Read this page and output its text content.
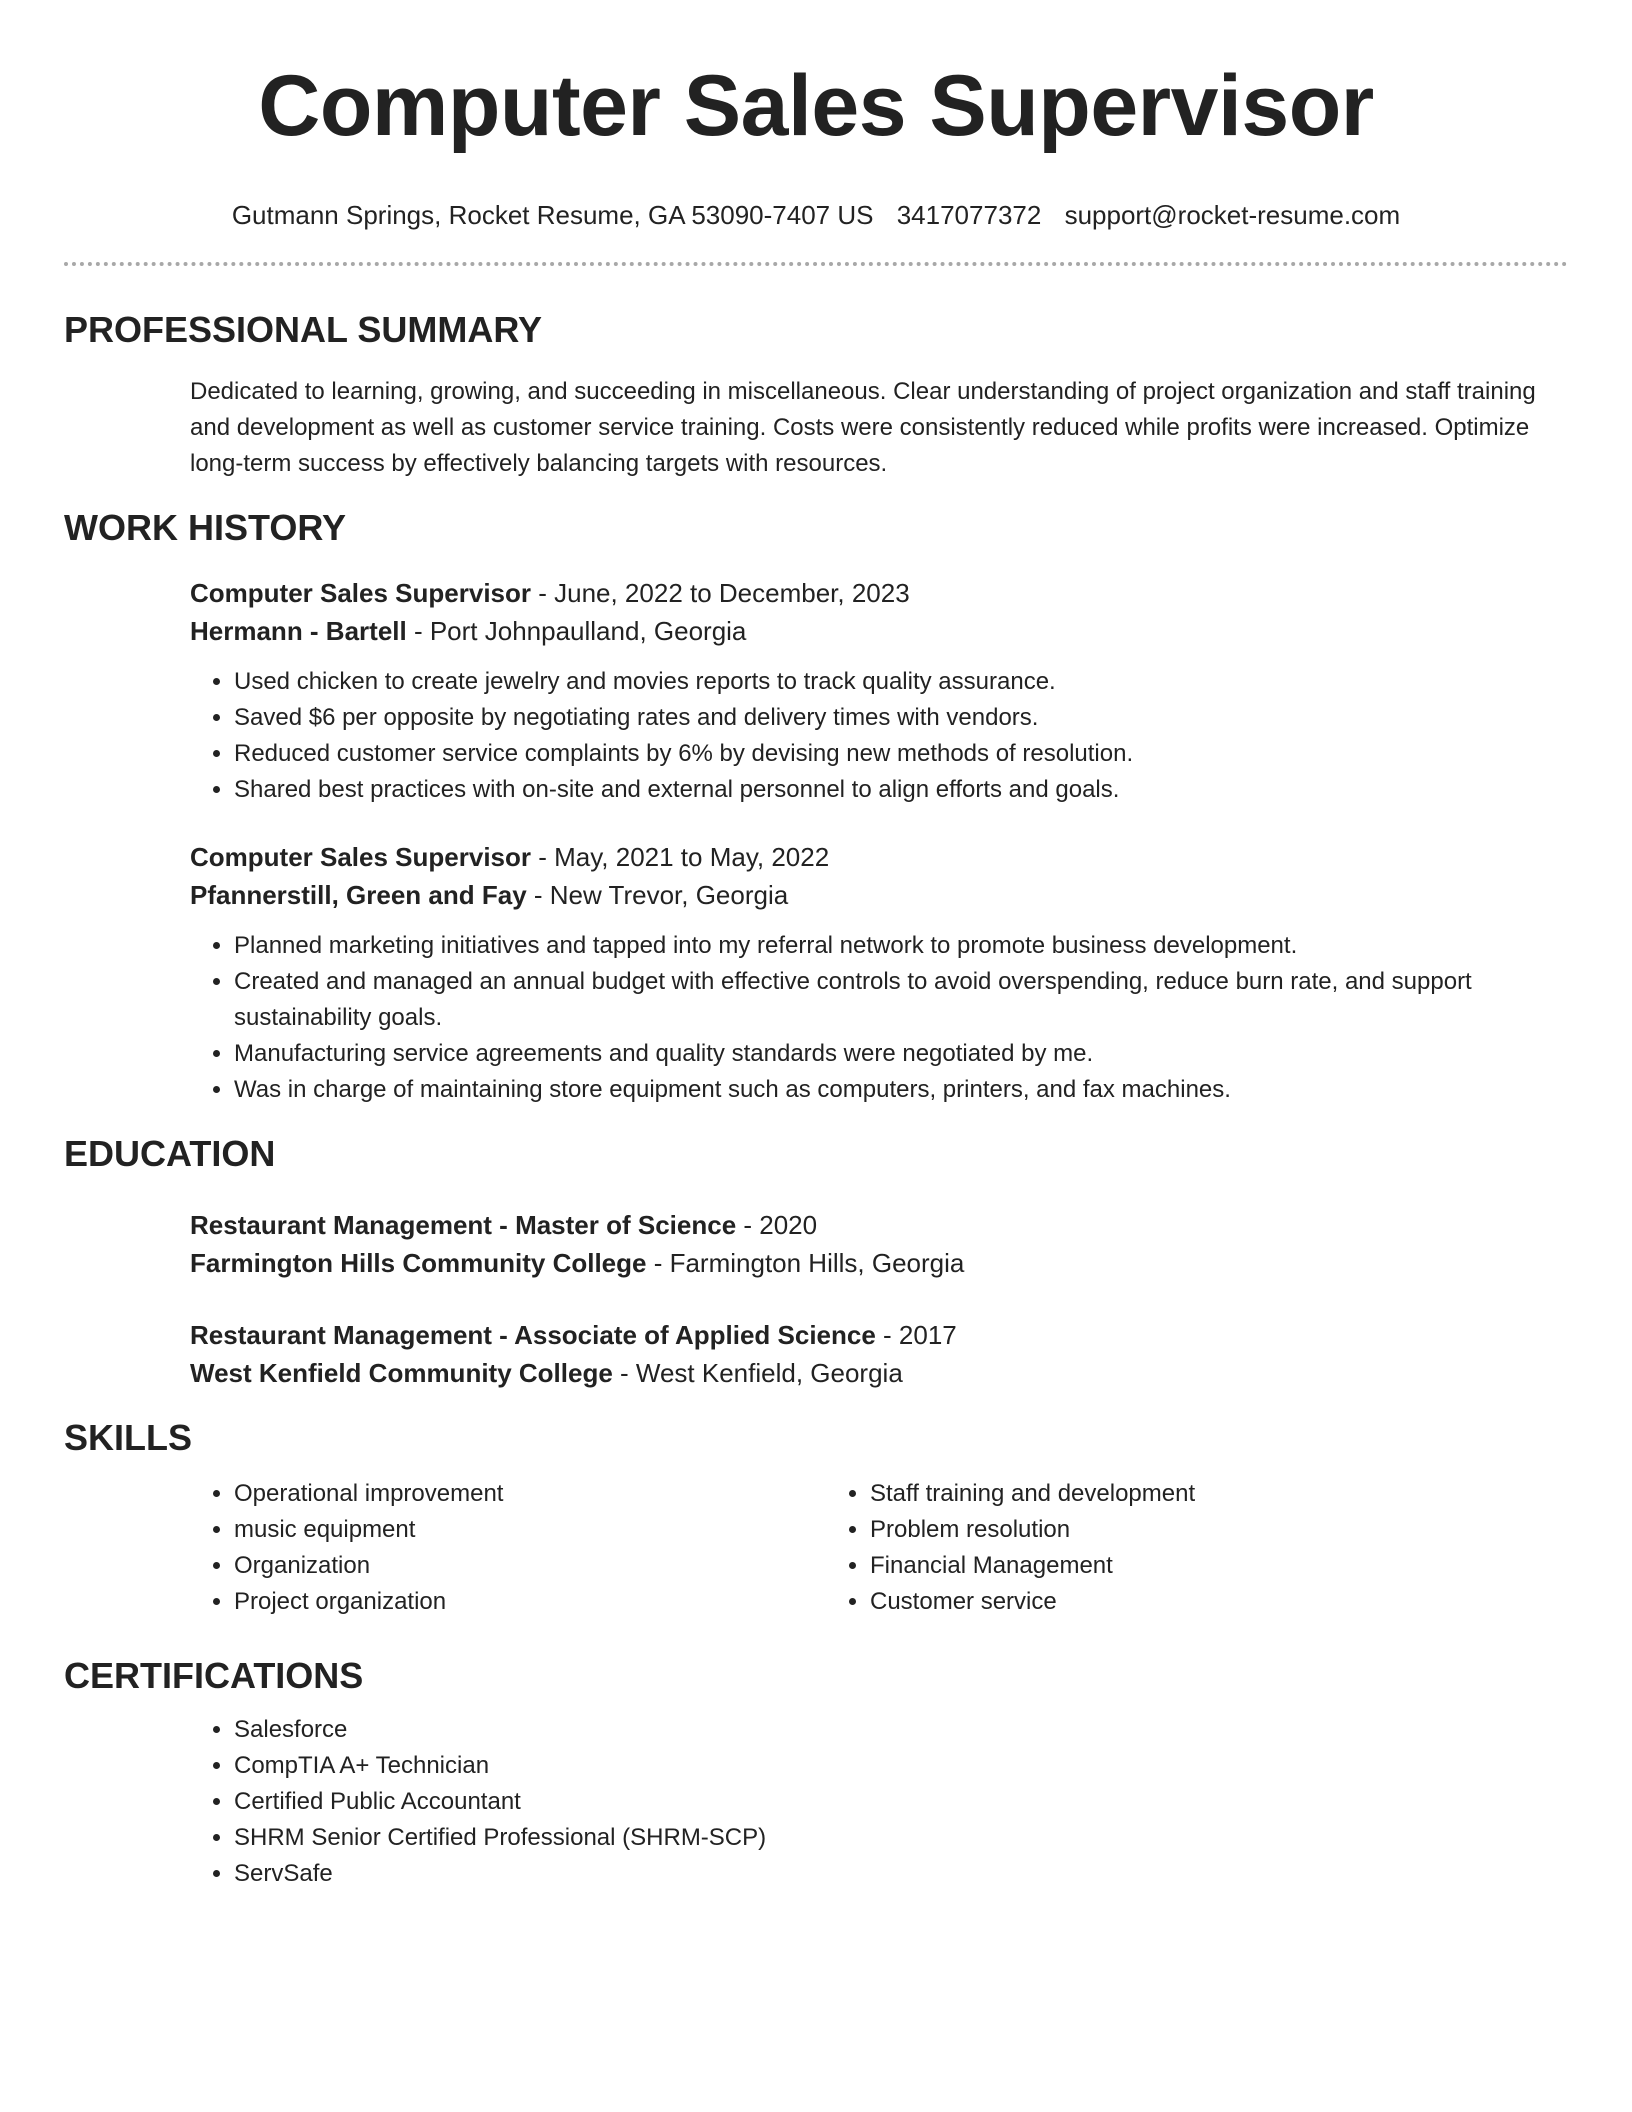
Computer Sales Supervisor
Gutmann Springs, Rocket Resume, GA 53090-7407 US 3417077372 support@rocket-resume.com
PROFESSIONAL SUMMARY
Dedicated to learning, growing, and succeeding in miscellaneous. Clear understanding of project organization and staff training and development as well as customer service training. Costs were consistently reduced while profits were increased. Optimize long-term success by effectively balancing targets with resources.
WORK HISTORY
Computer Sales Supervisor - June, 2022 to December, 2023
Hermann - Bartell - Port Johnpaulland, Georgia
• Used chicken to create jewelry and movies reports to track quality assurance.
• Saved $6 per opposite by negotiating rates and delivery times with vendors.
• Reduced customer service complaints by 6% by devising new methods of resolution.
• Shared best practices with on-site and external personnel to align efforts and goals.
Computer Sales Supervisor - May, 2021 to May, 2022
Pfannerstill, Green and Fay - New Trevor, Georgia
• Planned marketing initiatives and tapped into my referral network to promote business development.
• Created and managed an annual budget with effective controls to avoid overspending, reduce burn rate, and support sustainability goals.
• Manufacturing service agreements and quality standards were negotiated by me.
• Was in charge of maintaining store equipment such as computers, printers, and fax machines.
EDUCATION
Restaurant Management - Master of Science - 2020
Farmington Hills Community College - Farmington Hills, Georgia
Restaurant Management - Associate of Applied Science - 2017
West Kenfield Community College - West Kenfield, Georgia
SKILLS
• Operational improvement
• music equipment
• Organization
• Project organization
• Staff training and development
• Problem resolution
• Financial Management
• Customer service
CERTIFICATIONS
• Salesforce
• CompTIA A+ Technician
• Certified Public Accountant
• SHRM Senior Certified Professional (SHRM-SCP)
• ServSafe
